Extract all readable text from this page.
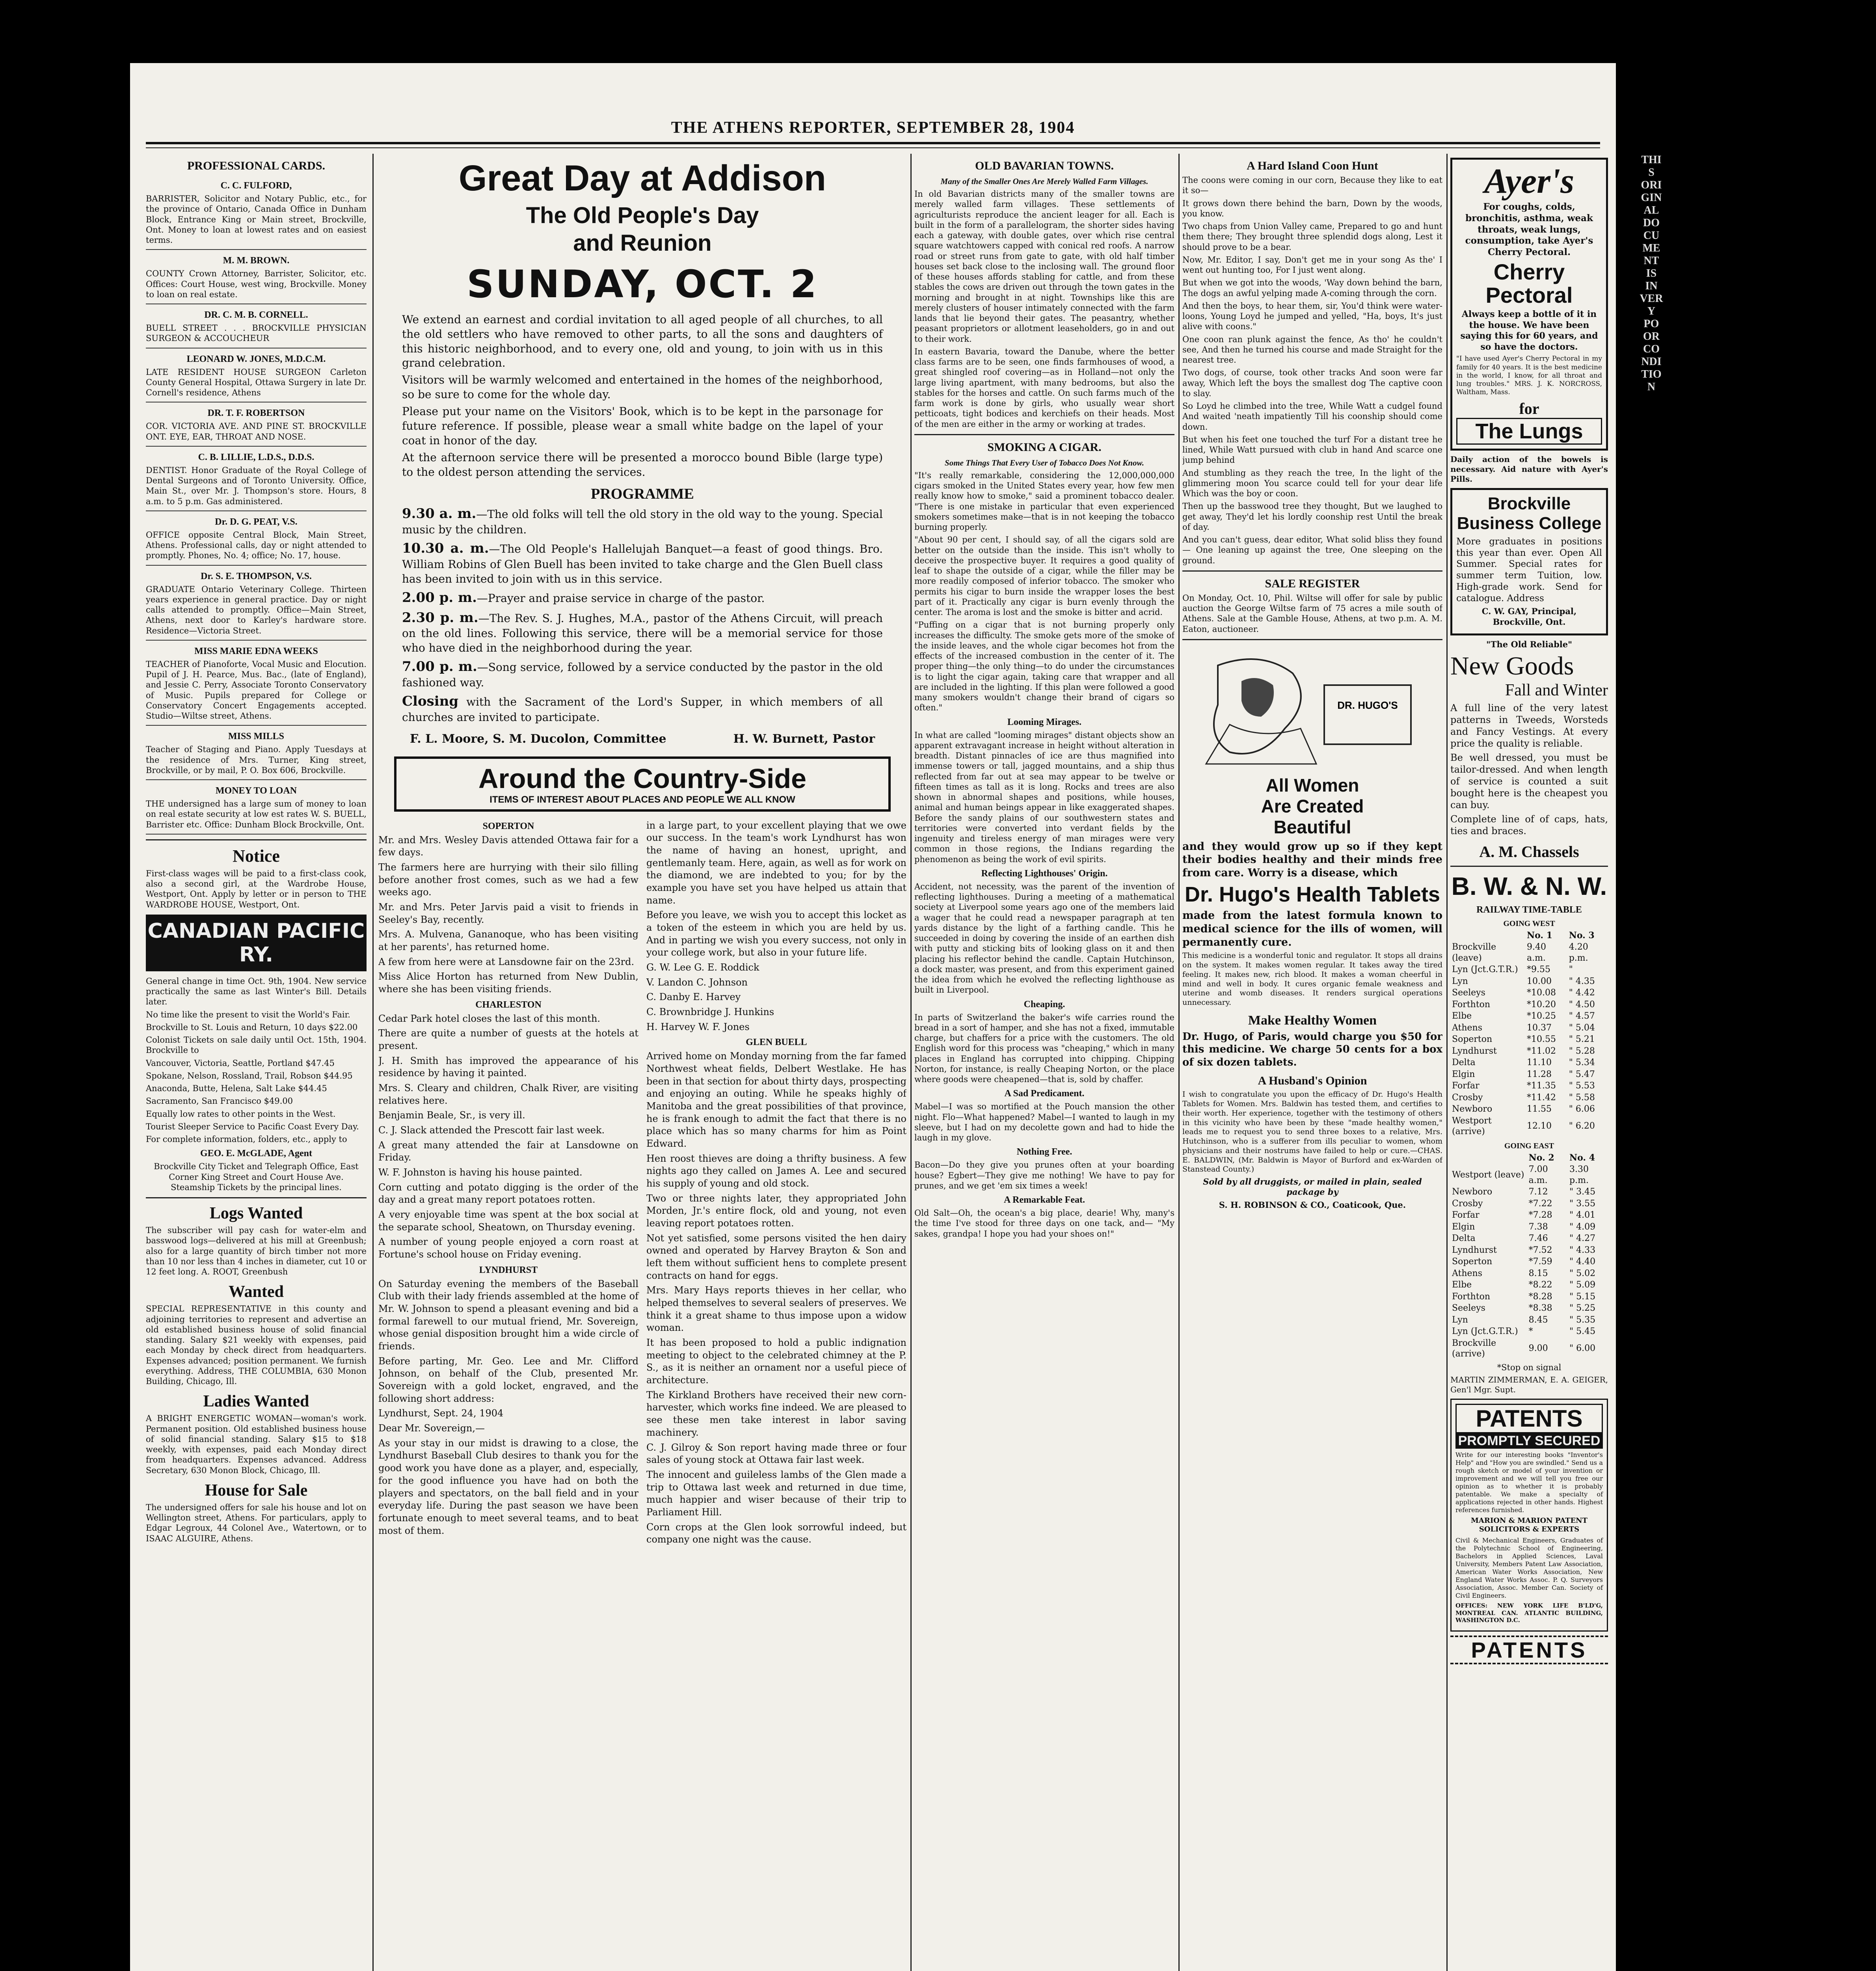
THE ATHENS REPORTER, SEPTEMBER 28, 1904
PROFESSIONAL CARDS.
C. C. FULFORD,

BARRISTER, Solicitor and Notary Public, etc., for the province of Ontario, Canada Office in Dunham Block, Entrance King or Main street, Brockville, Ont. Money to loan at lowest rates and on easiest terms.

M. M. BROWN.

COUNTY Crown Attorney, Barrister, Solicitor, etc. Offices: Court House, west wing, Brockville. Money to loan on real estate.

DR. C. M. B. CORNELL.

BUELL STREET . . . BROCKVILLE PHYSICIAN SURGEON & ACCOUCHEUR

LEONARD W. JONES, M.D.C.M.

LATE RESIDENT HOUSE SURGEON Carleton County General Hospital, Ottawa Surgery in late Dr. Cornell's residence, Athens

DR. T. F. ROBERTSON

COR. VICTORIA AVE. AND PINE ST. BROCKVILLE ONT. EYE, EAR, THROAT AND NOSE.

C. B. LILLIE, L.D.S., D.D.S.

DENTIST. Honor Graduate of the Royal College of Dental Surgeons and of Toronto University. Office, Main St., over Mr. J. Thompson's store. Hours, 8 a.m. to 5 p.m. Gas administered.

Dr. D. G. PEAT, V.S.

OFFICE opposite Central Block, Main Street, Athens. Professional calls, day or night attended to promptly. Phones, No. 4; office; No. 17, house.

Dr. S. E. THOMPSON, V.S.

GRADUATE Ontario Veterinary College. Thirteen years experience in general practice. Day or night calls attended to promptly. Office—Main Street, Athens, next door to Karley's hardware store. Residence—Victoria Street.

MISS MARIE EDNA WEEKS

TEACHER of Pianoforte, Vocal Music and Elocution. Pupil of J. H. Pearce, Mus. Bac., (late of England), and Jessie C. Perry, Associate Toronto Conservatory of Music. Pupils prepared for College or Conservatory Concert Engagements accepted. Studio—Wiltse street, Athens.

MISS MILLS

Teacher of Staging and Piano. Apply Tuesdays at the residence of Mrs. Turner, King street, Brockville, or by mail, P. O. Box 606, Brockville.

MONEY TO LOAN

THE undersigned has a large sum of money to loan on real estate security at low est rates W. S. BUELL, Barrister etc. Office: Dunham Block Brockville, Ont.

Notice

First-class wages will be paid to a first-class cook, also a second girl, at the Wardrobe House, Westport, Ont. Apply by letter or in person to THE WARDROBE HOUSE, Westport, Ont.

CANADIAN PACIFIC RY.

General change in time Oct. 9th, 1904. New service practically the same as last Winter's Bill. Details later.

No time like the present to visit the World's Fair.

Brockville to St. Louis and Return, 10 days $22.00

Colonist Tickets on sale daily until Oct. 15th, 1904. Brockville to

Vancouver, Victoria, Seattle, Portland $47.45

Spokane, Nelson, Rossland, Trail, Robson $44.95

Anaconda, Butte, Helena, Salt Lake $44.45

Sacramento, San Francisco $49.00

Equally low rates to other points in the West.

Tourist Sleeper Service to Pacific Coast Every Day.

For complete information, folders, etc., apply to

GEO. E. McGLADE, Agent

Brockville City Ticket and Telegraph Office, East Corner King Street and Court House Ave. Steamship Tickets by the principal lines.

Logs Wanted

The subscriber will pay cash for water-elm and basswood logs—delivered at his mill at Greenbush; also for a large quantity of birch timber not more than 10 nor less than 4 inches in diameter, cut 10 or 12 feet long. A. ROOT, Greenbush

Wanted

SPECIAL REPRESENTATIVE in this county and adjoining territories to represent and advertise an old established business house of solid financial standing. Salary $21 weekly with expenses, paid each Monday by check direct from headquarters. Expenses advanced; position permanent. We furnish everything. Address, THE COLUMBIA, 630 Monon Building, Chicago, Ill.

Ladies Wanted

A BRIGHT ENERGETIC WOMAN—woman's work. Permanent position. Old established business house of solid financial standing. Salary $15 to $18 weekly, with expenses, paid each Monday direct from headquarters. Expenses advanced. Address Secretary, 630 Monon Block, Chicago, Ill.

House for Sale

The undersigned offers for sale his house and lot on Wellington street, Athens. For particulars, apply to Edgar Legroux, 44 Colonel Ave., Watertown, or to ISAAC ALGUIRE, Athens.

Great Day at Addison
The Old People's Day
and Reunion
SUNDAY, OCT. 2

We extend an earnest and cordial invitation to all aged people of all churches, to all the old settlers who have removed to other parts, to all the sons and daughters of this historic neighborhood, and to every one, old and young, to join with us in this grand celebration.

Visitors will be warmly welcomed and entertained in the homes of the neighborhood, so be sure to come for the whole day.

Please put your name on the Visitors' Book, which is to be kept in the parsonage for future reference. If possible, please wear a small white badge on the lapel of your coat in honor of the day.

At the afternoon service there will be presented a morocco bound Bible (large type) to the oldest person attending the services.

PROGRAMME

9.30 a. m.—The old folks will tell the old story in the old way to the young. Special music by the children.

10.30 a. m.—The Old People's Hallelujah Banquet—a feast of good things. Bro. William Robins of Glen Buell has been invited to take charge and the Glen Buell class has been invited to join with us in this service.

2.00 p. m.—Prayer and praise service in charge of the pastor.

2.30 p. m.—The Rev. S. J. Hughes, M.A., pastor of the Athens Circuit, will preach on the old lines. Following this service, there will be a memorial service for those who have died in the neighborhood during the year.

7.00 p. m.—Song service, followed by a service conducted by the pastor in the old fashioned way.

Closing with the Sacrament of the Lord's Supper, in which members of all churches are invited to participate.

F. L. Moore, S. M. Ducolon, Committee	H. W. Burnett, Pastor
Around the Country-Side
ITEMS OF INTEREST ABOUT PLACES AND PEOPLE WE ALL KNOW
SOPERTON

Mr. and Mrs. Wesley Davis attended Ottawa fair for a few days.

The farmers here are hurrying with their silo filling before another frost comes, such as we had a few weeks ago.

Mr. and Mrs. Peter Jarvis paid a visit to friends in Seeley's Bay, recently.

Mrs. A. Mulvena, Gananoque, who has been visiting at her parents', has returned home.

A few from here were at Lansdowne fair on the 23rd.

Miss Alice Horton has returned from New Dublin, where she has been visiting friends.

CHARLESTON

Cedar Park hotel closes the last of this month.

There are quite a number of guests at the hotels at present.

J. H. Smith has improved the appearance of his residence by having it painted.

Mrs. S. Cleary and children, Chalk River, are visiting relatives here.

Benjamin Beale, Sr., is very ill.

C. J. Slack attended the Prescott fair last week.

A great many attended the fair at Lansdowne on Friday.

W. F. Johnston is having his house painted.

Corn cutting and potato digging is the order of the day and a great many report potatoes rotten.

A very enjoyable time was spent at the box social at the separate school, Sheatown, on Thursday evening.

A number of young people enjoyed a corn roast at Fortune's school house on Friday evening.

LYNDHURST

On Saturday evening the members of the Baseball Club with their lady friends assembled at the home of Mr. W. Johnson to spend a pleasant evening and bid a formal farewell to our mutual friend, Mr. Sovereign, whose genial disposition brought him a wide circle of friends.

Before parting, Mr. Geo. Lee and Mr. Clifford Johnson, on behalf of the Club, presented Mr. Sovereign with a gold locket, engraved, and the following short address:

Lyndhurst, Sept. 24, 1904

Dear Mr. Sovereign,—

As your stay in our midst is drawing to a close, the Lyndhurst Baseball Club desires to thank you for the good work you have done as a player, and, especially, for the good influence you have had on both the players and spectators, on the ball field and in your everyday life. During the past season we have been fortunate enough to meet several teams, and to beat most of them.

in a large part, to your excellent playing that we owe our success. In the team's work Lyndhurst has won the name of having an honest, upright, and gentlemanly team. Here, again, as well as for work on the diamond, we are indebted to you; for by the example you have set you have helped us attain that name.

Before you leave, we wish you to accept this locket as a token of the esteem in which you are held by us. And in parting we wish you every success, not only in your college work, but also in your future life.

G. W. Lee G. E. Roddick

V. Landon C. Johnson

C. Danby E. Harvey

C. Brownbridge J. Hunkins

H. Harvey W. F. Jones

GLEN BUELL

Arrived home on Monday morning from the far famed Northwest wheat fields, Delbert Westlake. He has been in that section for about thirty days, prospecting and enjoying an outing. While he speaks highly of Manitoba and the great possibilities of that province, he is frank enough to admit the fact that there is no place which has so many charms for him as Point Edward.

Hen roost thieves are doing a thrifty business. A few nights ago they called on James A. Lee and secured his supply of young and old stock.

Two or three nights later, they appropriated John Morden, Jr.'s entire flock, old and young, not even leaving report potatoes rotten.

Not yet satisfied, some persons visited the hen dairy owned and operated by Harvey Brayton & Son and left them without sufficient hens to complete present contracts on hand for eggs.

Mrs. Mary Hays reports thieves in her cellar, who helped themselves to several sealers of preserves. We think it a great shame to thus impose upon a widow woman.

It has been proposed to hold a public indignation meeting to object to the celebrated chimney at the P. S., as it is neither an ornament nor a useful piece of architecture.

The Kirkland Brothers have received their new corn-harvester, which works fine indeed. We are pleased to see these men take interest in labor saving machinery.

C. J. Gilroy & Son report having made three or four sales of young stock at Ottawa fair last week.

The innocent and guileless lambs of the Glen made a trip to Ottawa last week and returned in due time, much happier and wiser because of their trip to Parliament Hill.

Corn crops at the Glen look sorrowful indeed, but company one night was the cause.

OLD BAVARIAN TOWNS.
Many of the Smaller Ones Are Merely Walled Farm Villages.

In old Bavarian districts many of the smaller towns are merely walled farm villages. These settlements of agriculturists reproduce the ancient leager for all. Each is built in the form of a parallelogram, the shorter sides having each a gateway, with double gates, over which rise central square watchtowers capped with conical red roofs. A narrow road or street runs from gate to gate, with old half timber houses set back close to the inclosing wall. The ground floor of these houses affords stabling for cattle, and from these stables the cows are driven out through the town gates in the morning and brought in at night. Townships like this are merely clusters of houser intimately connected with the farm lands that lie beyond their gates. The peasantry, whether peasant proprietors or allotment leaseholders, go in and out to their work.

In eastern Bavaria, toward the Danube, where the better class farms are to be seen, one finds farmhouses of wood, a great shingled roof covering—as in Holland—not only the large living apartment, with many bedrooms, but also the stables for the horses and cattle. On such farms much of the farm work is done by girls, who usually wear short petticoats, tight bodices and kerchiefs on their heads. Most of the men are either in the army or working at trades.

SMOKING A CIGAR.
Some Things That Every User of Tobacco Does Not Know.

"It's really remarkable, considering the 12,000,000,000 cigars smoked in the United States every year, how few men really know how to smoke," said a prominent tobacco dealer. "There is one mistake in particular that even experienced smokers sometimes make—that is in not keeping the tobacco burning properly.

"About 90 per cent, I should say, of all the cigars sold are better on the outside than the inside. This isn't wholly to deceive the prospective buyer. It requires a good quality of leaf to shape the outside of a cigar, while the filler may be more readily composed of inferior tobacco. The smoker who permits his cigar to burn inside the wrapper loses the best part of it. Practically any cigar is burn evenly through the center. The aroma is lost and the smoke is bitter and acrid.

"Puffing on a cigar that is not burning properly only increases the difficulty. The smoke gets more of the smoke of the inside leaves, and the whole cigar becomes hot from the effects of the increased combustion in the center of it. The proper thing—the only thing—to do under the circumstances is to light the cigar again, taking care that wrapper and all are included in the lighting. If this plan were followed a good many smokers wouldn't change their brand of cigars so often."

Looming Mirages.

In what are called "looming mirages" distant objects show an apparent extravagant increase in height without alteration in breadth. Distant pinnacles of ice are thus magnified into immense towers or tall, jagged mountains, and a ship thus reflected from far out at sea may appear to be twelve or fifteen times as tall as it is long. Rocks and trees are also shown in abnormal shapes and positions, while houses, animal and human beings appear in like exaggerated shapes. Before the sandy plains of our southwestern states and territories were converted into verdant fields by the ingenuity and tireless energy of man mirages were very common in those regions, the Indians regarding the phenomenon as being the work of evil spirits.

Reflecting Lighthouses' Origin.

Accident, not necessity, was the parent of the invention of reflecting lighthouses. During a meeting of a mathematical society at Liverpool some years ago one of the members laid a wager that he could read a newspaper paragraph at ten yards distance by the light of a farthing candle. This he succeeded in doing by covering the inside of an earthen dish with putty and sticking bits of looking glass on it and then placing his reflector behind the candle. Captain Hutchinson, a dock master, was present, and from this experiment gained the idea from which he evolved the reflecting lighthouse as built in Liverpool.

Cheaping.

In parts of Switzerland the baker's wife carries round the bread in a sort of hamper, and she has not a fixed, immutable charge, but chaffers for a price with the customers. The old English word for this process was "cheaping," which in many places in England has corrupted into chipping. Chipping Norton, for instance, is really Cheaping Norton, or the place where goods were cheapened—that is, sold by chaffer.

A Sad Predicament.

Mabel—I was so mortified at the Pouch mansion the other night. Flo—What happened? Mabel—I wanted to laugh in my sleeve, but I had on my decolette gown and had to hide the laugh in my glove.

Nothing Free.

Bacon—Do they give you prunes often at your boarding house? Egbert—They give me nothing! We have to pay for prunes, and we get 'em six times a week!

A Remarkable Feat.

Old Salt—Oh, the ocean's a big place, dearie! Why, many's the time I've stood for three days on one tack, and— "My sakes, grandpa! I hope you had your shoes on!"

A Hard Island Coon Hunt

The coons were coming in our corn, Because they like to eat it so—

It grows down there behind the barn, Down by the woods, you know.

Two chaps from Union Valley came, Prepared to go and hunt them there; They brought three splendid dogs along, Lest it should prove to be a bear.

Now, Mr. Editor, I say, Don't get me in your song As the' I went out hunting too, For I just went along.

But when we got into the woods, 'Way down behind the barn, The dogs an awful yelping made A-coming through the corn.

And then the boys, to hear them, sir, You'd think were water-loons, Young Loyd he jumped and yelled, "Ha, boys, It's just alive with coons."

One coon ran plunk against the fence, As tho' he couldn't see, And then he turned his course and made Straight for the nearest tree.

Two dogs, of course, took other tracks And soon were far away, Which left the boys the smallest dog The captive coon to slay.

So Loyd he climbed into the tree, While Watt a cudgel found And waited 'neath impatiently Till his coonship should come down.

But when his feet one touched the turf For a distant tree he lined, While Watt pursued with club in hand And scarce one jump behind

And stumbling as they reach the tree, In the light of the glimmering moon You scarce could tell for your dear life Which was the boy or coon.

Then up the basswood tree they thought, But we laughed to get away, They'd let his lordly coonship rest Until the break of day.

And you can't guess, dear editor, What solid bliss they found— One leaning up against the tree, One sleeping on the ground.

SALE REGISTER

On Monday, Oct. 10, Phil. Wiltse will offer for sale by public auction the George Wiltse farm of 75 acres a mile south of Athens. Sale at the Gamble House, Athens, at two p.m. A. M. Eaton, auctioneer.

DR. HUGO'S
All Women
Are Created
Beautiful

and they would grow up so if they kept their bodies healthy and their minds free from care. Worry is a disease, which

Dr. Hugo's Health Tablets

made from the latest formula known to medical science for the ills of women, will permanently cure.

This medicine is a wonderful tonic and regulator. It stops all drains on the system. It makes women regular. It takes away the tired feeling. It makes new, rich blood. It makes a woman cheerful in mind and well in body. It cures organic female weakness and uterine and womb diseases. It renders surgical operations unnecessary.

Make Healthy Women

Dr. Hugo, of Paris, would charge you $50 for this medicine. We charge 50 cents for a box of six dozen tablets.

A Husband's Opinion

I wish to congratulate you upon the efficacy of Dr. Hugo's Health Tablets for Women. Mrs. Baldwin has tested them, and certifies to their worth. Her experience, together with the testimony of others in this vicinity who have been by these "made healthy women," leads me to request you to send three boxes to a relative, Mrs. Hutchinson, who is a sufferer from ills peculiar to women, whom physicians and their nostrums have failed to help or cure.—CHAS. E. BALDWIN, (Mr. Baldwin is Mayor of Burford and ex-Warden of Stanstead County.)

Sold by all druggists, or mailed in plain, sealed package by

S. H. ROBINSON & CO., Coaticook, Que.

Ayer's

For coughs, colds, bronchitis, asthma, weak throats, weak lungs, consumption, take Ayer's Cherry Pectoral.

Cherry Pectoral

Always keep a bottle of it in the house. We have been saying this for 60 years, and so have the doctors.

"I have used Ayer's Cherry Pectoral in my family for 40 years. It is the best medicine in the world, I know, for all throat and lung troubles." MRS. J. K. NORCROSS, Waltham, Mass.

for
The Lungs

Daily action of the bowels is necessary. Aid nature with Ayer's Pills.

Brockville Business College

More graduates in positions this year than ever. Open All Summer. Special rates for summer term Tuition, low. High-grade work. Send for catalogue. Address

C. W. GAY, Principal, Brockville, Ont.

"The Old Reliable"

New Goods
Fall and Winter

A full line of the very latest patterns in Tweeds, Worsteds and Fancy Vestings. At every price the quality is reliable.

Be well dressed, you must be tailor-dressed. And when length of service is counted a suit bought here is the cheapest you can buy.

Complete line of of caps, hats, ties and braces.

A. M. Chassels
B. W. & N. W.
RAILWAY TIME-TABLE
GOING WEST
	No. 1	No. 3
Brockville (leave)	9.40 a.m.	4.20 p.m.
Lyn (Jct.G.T.R.)	*9.55	"
Lyn	10.00	" 4.35
Seeleys	*10.08	" 4.42
Forthton	*10.20	" 4.50
Elbe	*10.25	" 4.57
Athens	10.37	" 5.04
Soperton	*10.55	" 5.21
Lyndhurst	*11.02	" 5.28
Delta	11.10	" 5.34
Elgin	11.28	" 5.47
Forfar	*11.35	" 5.53
Crosby	*11.42	" 5.58
Newboro	11.55	" 6.06
Westport (arrive)	12.10	" 6.20
GOING EAST
	No. 2	No. 4
Westport (leave)	7.00 a.m.	3.30 p.m.
Newboro	7.12	" 3.45
Crosby	*7.22	" 3.55
Forfar	*7.28	" 4.01
Elgin	7.38	" 4.09
Delta	7.46	" 4.27
Lyndhurst	*7.52	" 4.33
Soperton	*7.59	" 4.40
Athens	8.15	" 5.02
Elbe	*8.22	" 5.09
Forthton	*8.28	" 5.15
Seeleys	*8.38	" 5.25
Lyn	8.45	" 5.35
Lyn (Jct.G.T.R.)	*	" 5.45
Brockville (arrive)	9.00	" 6.00

*Stop on signal

MARTIN ZIMMERMAN, E. A. GEIGER, Gen'l Mgr. Supt.

PATENTS
PROMPTLY SECURED

Write for our interesting books "Inventor's Help" and "How you are swindled." Send us a rough sketch or model of your invention or improvement and we will tell you free our opinion as to whether it is probably patentable. We make a specialty of applications rejected in other hands. Highest references furnished.

MARION & MARION PATENT SOLICITORS & EXPERTS

Civil & Mechanical Engineers, Graduates of the Polytechnic School of Engineering, Bachelors in Applied Sciences, Laval University, Members Patent Law Association, American Water Works Association, New England Water Works Assoc. P. Q. Surveyors Association, Assoc. Member Can. Society of Civil Engineers.

OFFICES: NEW YORK LIFE B'LD'G, MONTREAL CAN. ATLANTIC BUILDING, WASHINGTON D.C.

PATENTS
THIS ORIGINAL DOCUMENT IS IN VERY POOR CONDITION
